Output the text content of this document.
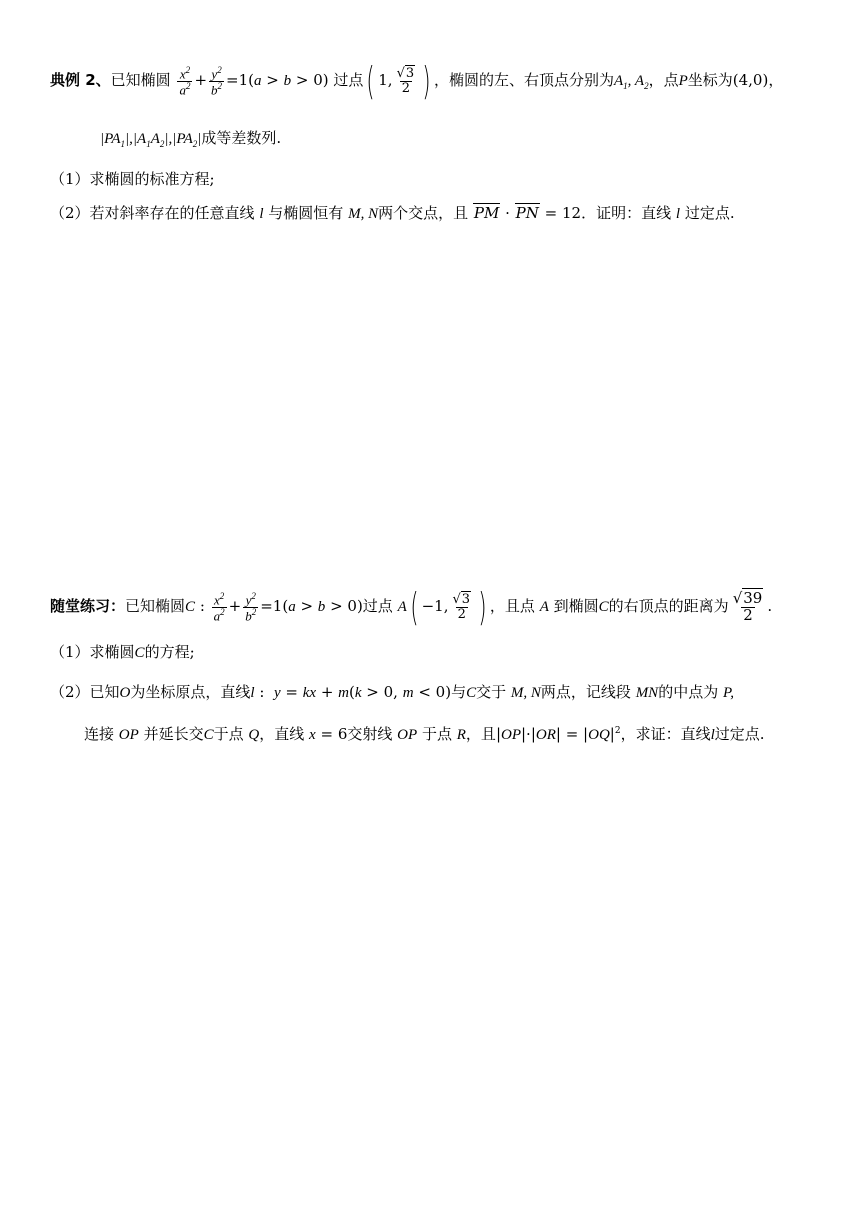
典例 2、已知椭圆 $\frac{x^2}{a^2} + \frac{y^2}{b^2} =1(a > b > 0)$ 过点( 1, $\frac{√3}{2}$ ) ，椭圆的左、右顶点分别为$A_1$, $A_2$，点P坐标为(4,0)，
$|PA_1|,|A_1A_2|,|PA_2|$成等差数列.
（1）求椭圆的标准方程;
（2）若对斜率存在的任意直线 l 与椭圆恒有 M, N两个交点，且 PM · PN = 12．证明：直线 l 过定点.
随堂练习：已知椭圆C : $\frac{x^2}{a^2} + \frac{y^2}{b^2} =1(a > b > 0)$过点 A( −1, $\frac{√3}{2}$ ) ，且点 A 到椭圆C的右顶点的距离为 $\frac{√39}{2}$ .
（1）求椭圆C的方程;
（2）已知O为坐标原点，直线l :  y = kx + m(k > 0, m < 0)与C交于 M, N两点，记线段 MN的中点为 P,
连接 OP 并延长交C于点 Q，直线 x = 6交射线 OP 于点 R，且$|OP|\cdot|OR| = |OQ|^2$，求证：直线l过定点.
